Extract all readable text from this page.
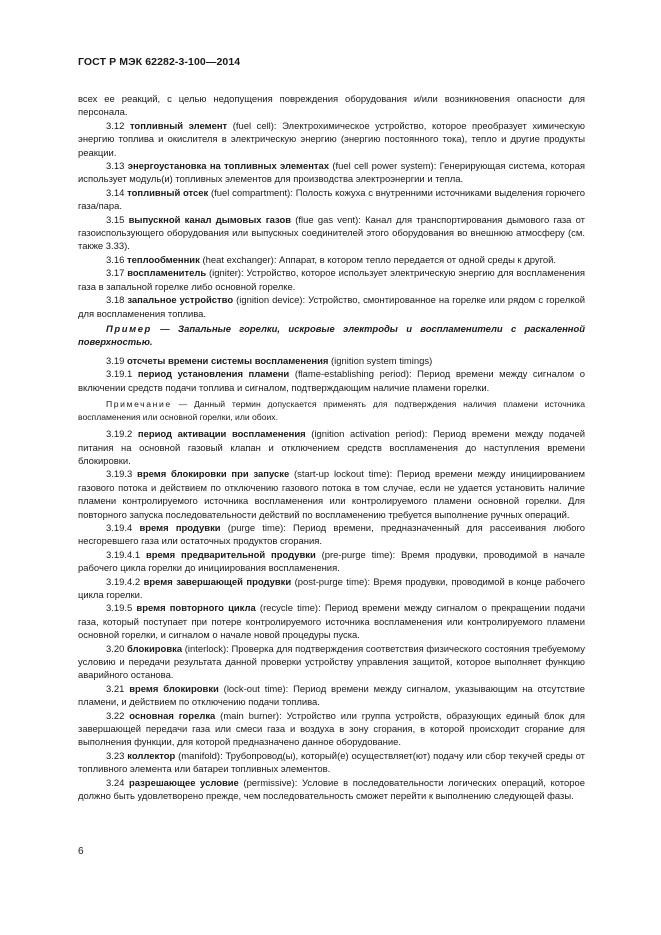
ГОСТ Р МЭК 62282-3-100—2014

всех ее реакций, с целью недопущения повреждения оборудования и/или возникновения опасности для персонала.

3.12 топливный элемент (fuel cell): Электрохимическое устройство, которое преобразует химическую энергию топлива и окислителя в электрическую энергию (энергию постоянного тока), тепло и другие продукты реакции.

3.13 энергоустановка на топливных элементах (fuel cell power system): Генерирующая система, которая использует модуль(и) топливных элементов для производства электроэнергии и тепла.

3.14 топливный отсек (fuel compartment): Полость кожуха с внутренними источниками выделения горючего газа/пара.

3.15 выпускной канал дымовых газов (flue gas vent): Канал для транспортирования дымового газа от газоиспользующего оборудования или выпускных соединителей этого оборудования во внешнюю атмосферу (см. также 3.33).

3.16 теплообменник (heat exchanger): Аппарат, в котором тепло передается от одной среды к другой.

3.17 воспламенитель (igniter): Устройство, которое использует электрическую энергию для воспламенения газа в запальной горелке либо основной горелке.

3.18 запальное устройство (ignition device): Устройство, смонтированное на горелке или рядом с горелкой для воспламенения топлива.

Пример — Запальные горелки, искровые электроды и воспламенители с раскаленной поверхностью.

3.19 отсчеты времени системы воспламенения (ignition system timings)

3.19.1 период установления пламени (flame-establishing period): Период времени между сигналом о включении средств подачи топлива и сигналом, подтверждающим наличие пламени горелки.

Примечание — Данный термин допускается применять для подтверждения наличия пламени источника воспламенения или основной горелки, или обоих.

3.19.2 период активации воспламенения (ignition activation period): Период времени между подачей питания на основной газовый клапан и отключением средств воспламенения до наступления времени блокировки.

3.19.3 время блокировки при запуске (start-up lockout time): Период времени между инициированием газового потока и действием по отключению газового потока в том случае, если не удается установить наличие пламени контролируемого источника воспламенения или контролируемого пламени основной горелки. Для повторного запуска последовательности действий по воспламенению требуется выполнение ручных операций.

3.19.4 время продувки (purge time): Период времени, предназначенный для рассеивания любого несгоревшего газа или остаточных продуктов сгорания.

3.19.4.1 время предварительной продувки (pre-purge time): Время продувки, проводимой в начале рабочего цикла горелки до инициирования воспламенения.

3.19.4.2 время завершающей продувки (post-purge time): Время продувки, проводимой в конце рабочего цикла горелки.

3.19.5 время повторного цикла (recycle time): Период времени между сигналом о прекращении подачи газа, который поступает при потере контролируемого источника воспламенения или контролируемого пламени основной горелки, и сигналом о начале новой процедуры пуска.

3.20 блокировка (interlock): Проверка для подтверждения соответствия физического состояния требуемому условию и передачи результата данной проверки устройству управления защитой, которое выполняет функцию аварийного останова.

3.21 время блокировки (lock-out time): Период времени между сигналом, указывающим на отсутствие пламени, и действием по отключению подачи топлива.

3.22 основная горелка (main burner): Устройство или группа устройств, образующих единый блок для завершающей передачи газа или смеси газа и воздуха в зону сгорания, в которой происходит сгорание для выполнения функции, для которой предназначено данное оборудование.

3.23 коллектор (manifold): Трубопровод(ы), который(е) осуществляет(ют) подачу или сбор текучей среды от топливного элемента или батареи топливных элементов.

3.24 разрешающее условие (permissive): Условие в последовательности логических операций, которое должно быть удовлетворено прежде, чем последовательность сможет перейти к выполнению следующей фазы.

6
